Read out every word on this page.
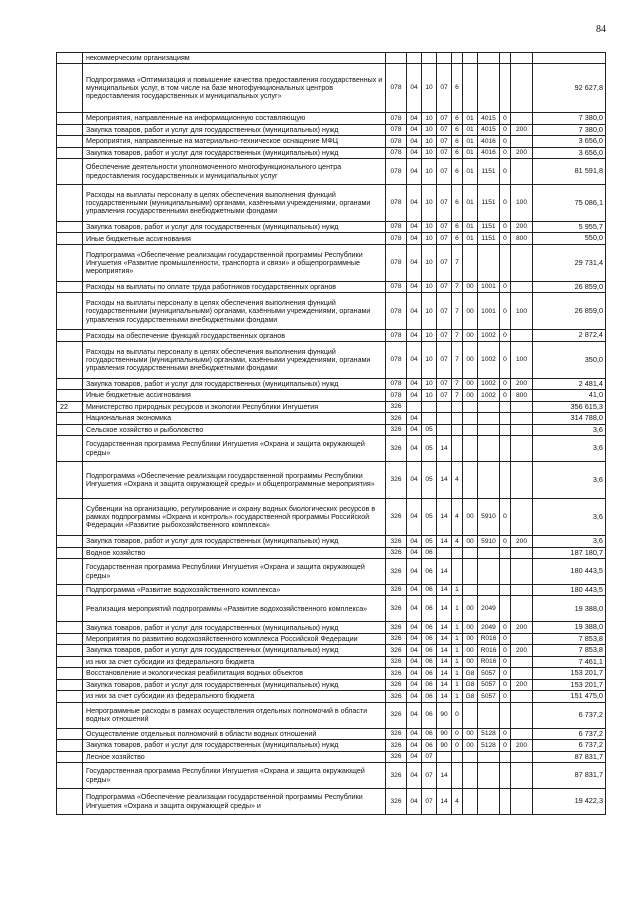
84
	некоммерческим организациям										
	Подпрограмма «Оптимизация и повышение качества предоставления государственных и муниципальных услуг, в том числе на базе многофункциональных центров предоставления государственных и муниципальных услуг»	078	04	10	07	6					92 627,8
	Мероприятия, направленные на информационную составляющую	078	04	10	07	6	01	4015	0		7 380,0
	Закупка товаров, работ и услуг для государственных (муниципальных) нужд	078	04	10	07	6	01	4015	0	200	7 380,0
	Мероприятия, направленные на материально-техническое оснащение МФЦ	078	04	10	07	6	01	4016	0		3 656,0
	Закупка товаров, работ и услуг для государственных (муниципальных) нужд	078	04	10	07	6	01	4016	0	200	3 656,0
	Обеспечение деятельности уполномоченного многофункционального центра предоставления государственных и муниципальных услуг	078	04	10	07	6	01	1151	0		81 591,8
	Расходы на выплаты персоналу в целях обеспечения выполнения функций государственными (муниципальными) органами, казёнными учреждениями, органами управления государственными внебюджетными фондами	078	04	10	07	6	01	1151	0	100	75 086,1
	Закупка товаров, работ и услуг для государственных (муниципальных) нужд	078	04	10	07	6	01	1151	0	200	5 955,7
	Иные бюджетные ассигнования	078	04	10	07	6	01	1151	0	800	550,0
	Подпрограмма «Обеспечение реализации государственной программы Республики Ингушетия «Развитие промышленности, транспорта и связи» и общепрограммные мероприятия»	078	04	10	07	7					29 731,4
	Расходы на выплаты по оплате труда работников государственных органов	078	04	10	07	7	00	1001	0		26 859,0
	Расходы на выплаты персоналу в целях обеспечения выполнения функций государственными (муниципальными) органами, казёнными учреждениями, органами управления государственными внебюджетными фондами	078	04	10	07	7	00	1001	0	100	26 859,0
	Расходы на обеспечение функций государственных органов	078	04	10	07	7	00	1002	0		2 872,4
	Расходы на выплаты персоналу в целях обеспечения выполнения функций государственными (муниципальными) органами, казёнными учреждениями, органами управления государственными внебюджетными фондами	078	04	10	07	7	00	1002	0	100	350,0
	Закупка товаров, работ и услуг для государственных (муниципальных) нужд	078	04	10	07	7	00	1002	0	200	2 481,4
	Иные бюджетные ассигнования	078	04	10	07	7	00	1002	0	800	41,0
22	Министерство природных ресурсов и экологии Республики Ингушетия	326									356 615,3
	Национальная экономика	326	04								314 788,0
	Сельское хозяйство и рыболовство	326	04	05							3,6
	Государственная программа Республики Ингушетия «Охрана и защита окружающей среды»	326	04	05	14						3,6
	Подпрограмма «Обеспечение реализации государственной программы Республики Ингушетия «Охрана и защита окружающей среды» и общепрограммные мероприятия»	326	04	05	14	4					3,6
	Субвенции на организацию, регулирование и охрану водных биологических ресурсов в рамках подпрограммы «Охрана и контроль» государственной программы Российской Федерации «Развитие рыбохозяйственного комплекса»	326	04	05	14	4	00	5910	0		3,6
	Закупка товаров, работ и услуг для государственных (муниципальных) нужд	326	04	05	14	4	00	5910	0	200	3,6
	Водное хозяйство	326	04	06							187 180,7
	Государственная программа Республики Ингушетия «Охрана и защита окружающей среды»	326	04	06	14						180 443,5
	Подпрограмма «Развитие водохозяйственного комплекса»	326	04	06	14	1					180 443,5
	Реализация мероприятий подпрограммы «Развитие водохозяйственного комплекса»	326	04	06	14	1	00	2049			19 388,0
	Закупка товаров, работ и услуг для государственных (муниципальных) нужд	326	04	06	14	1	00	2049	0	200	19 388,0
	Мероприятия по развитию водохозяйственного комплекса Российской Федерации	326	04	06	14	1	00	R016	0		7 853,8
	Закупка товаров, работ и услуг для государственных (муниципальных) нужд	326	04	06	14	1	00	R016	0	200	7 853,8
	из них за счет субсидии из федерального бюджета	326	04	06	14	1	00	R016	0		7 461,1
	Восстановление и экологическая реабилитация водных объектов	326	04	06	14	1	G8	5057	0		153 201,7
	Закупка товаров, работ и услуг для государственных (муниципальных) нужд	326	04	06	14	1	G8	5057	0	200	153 201,7
	из них за счет субсидии из федерального бюджета	326	04	06	14	1	G8	5057	0		151 475,0
	Непрограммные расходы в рамках осуществления отдельных полномочий в области водных отношений	326	04	06	90	0					6 737,2
	Осуществление отдельных полномочий в области водных отношений	326	04	06	90	0	00	5128	0		6 737,2
	Закупка товаров, работ и услуг для государственных (муниципальных) нужд	326	04	06	90	0	00	5128	0	200	6 737,2
	Лесное хозяйство	326	04	07							87 831,7
	Государственная программа Республики Ингушетия «Охрана и защита окружающей среды»	326	04	07	14						87 831,7
	Подпрограмма «Обеспечение реализации государственной программы Республики Ингушетия «Охрана и защита окружающей среды» и	326	04	07	14	4					19 422,3
